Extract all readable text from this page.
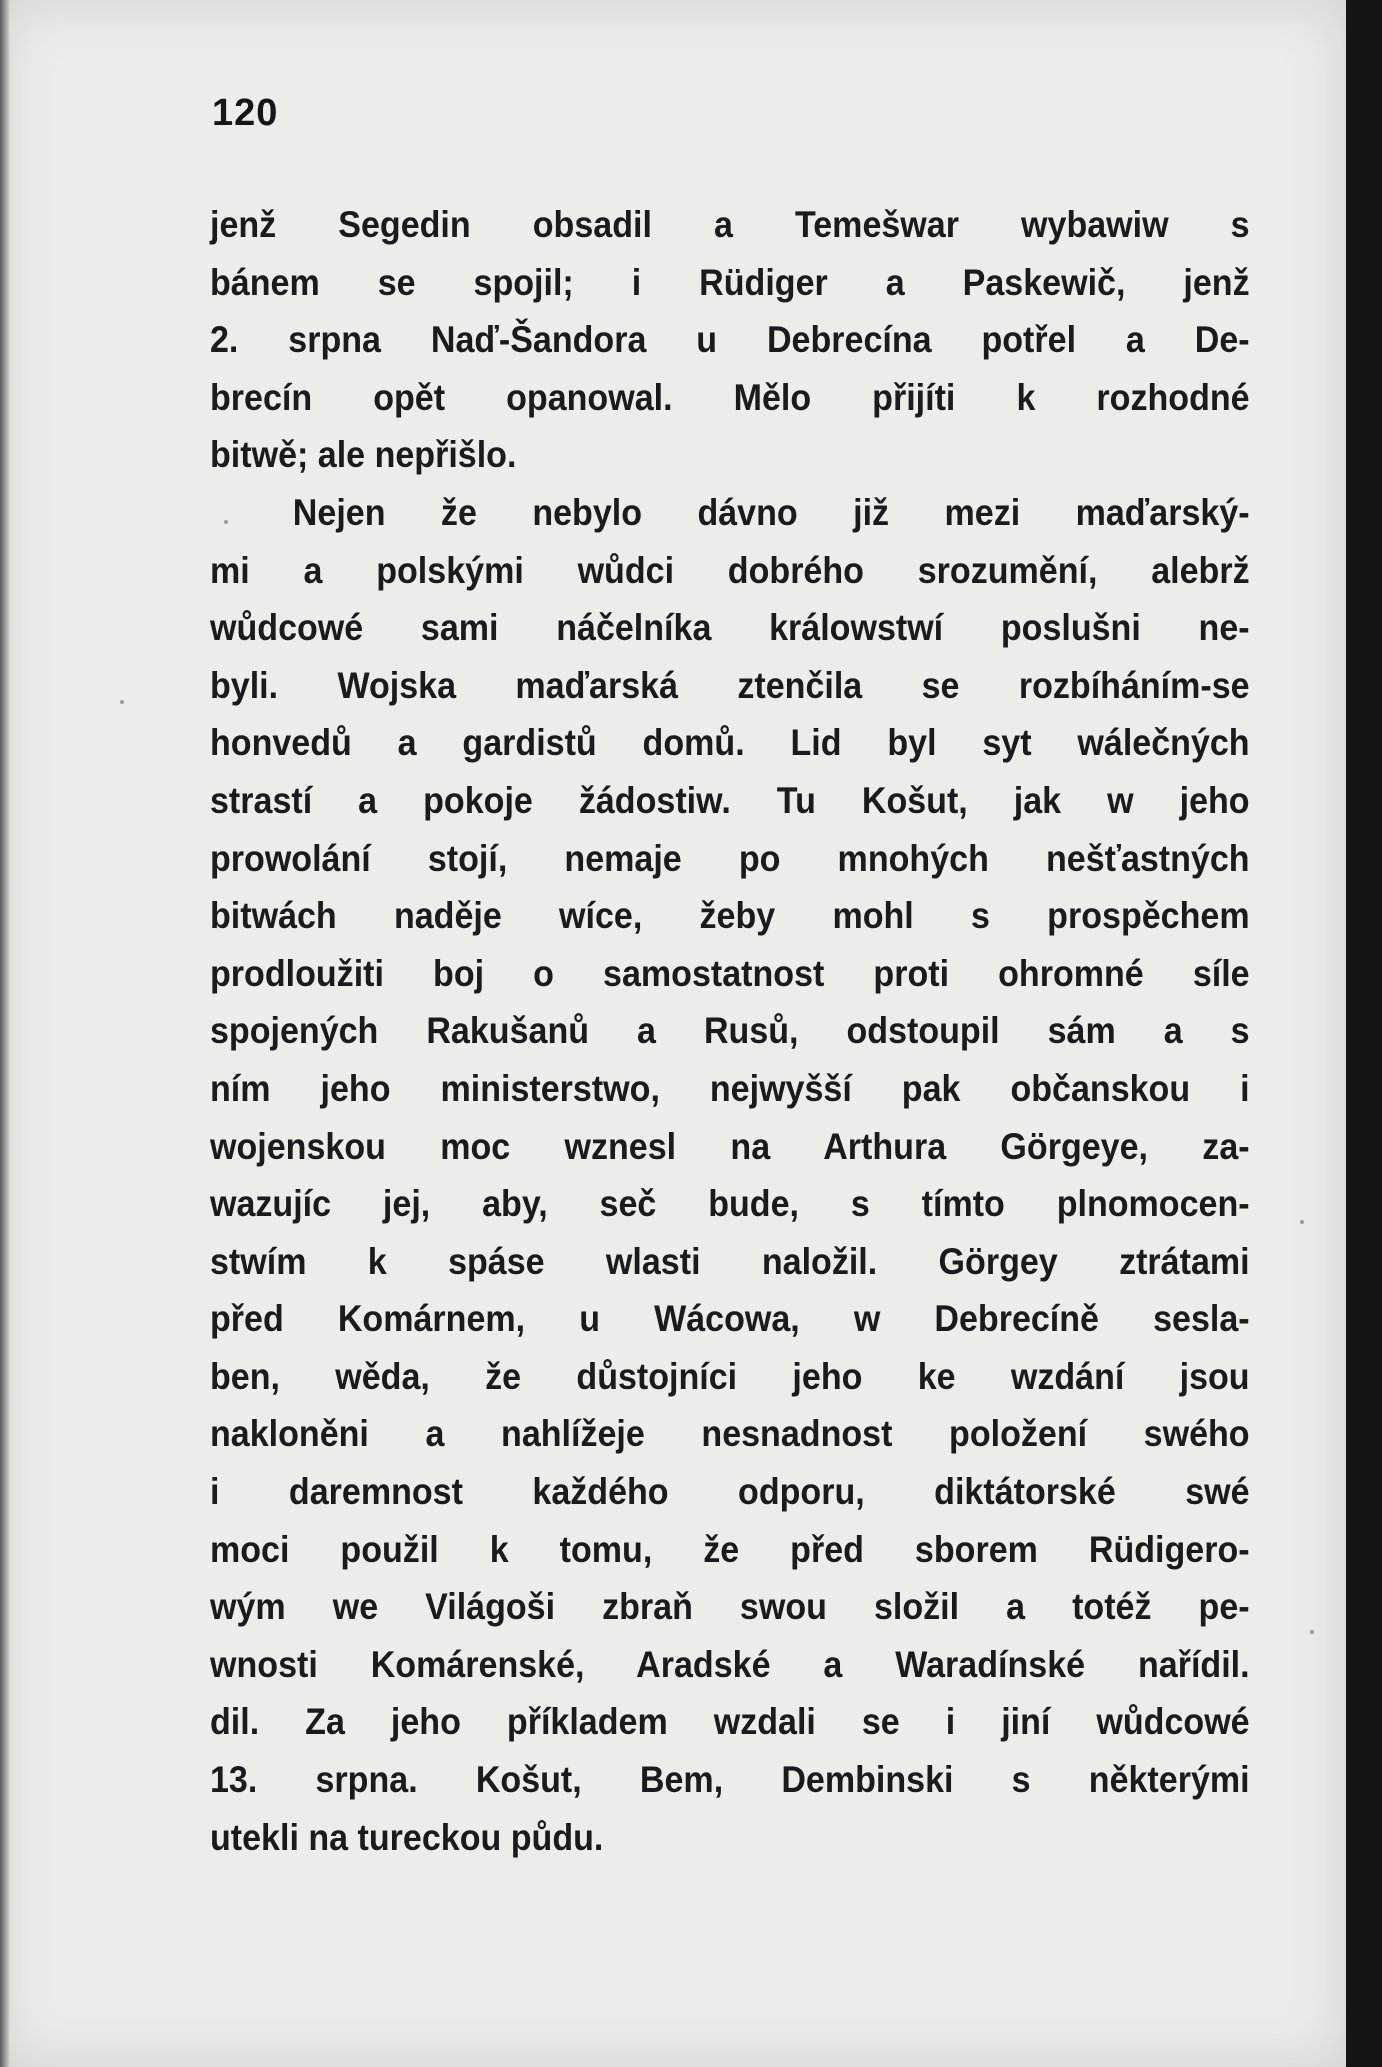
120
jenž Segedin obsadil a Temešwar wybawiw s
bánem se spojil; i Rüdiger a Paskewič, jenž
2. srpna Naď-Šandora u Debrecína potřel a De-
brecín opět opanowal. Mělo přijíti k rozhodné
bitwě; ale nepřišlo.
Nejen že nebylo dávno již mezi maďarský-
mi a polskými wůdci dobrého srozumění, alebrž
wůdcowé sami náčelníka králowstwí poslušni ne-
byli. Wojska maďarská ztenčila se rozbíháním-se
honvedů a gardistů domů. Lid byl syt wálečných
strastí a pokoje žádostiw. Tu Košut, jak w jeho
prowolání stojí, nemaje po mnohých nešťastných
bitwách naděje wíce, žeby mohl s prospěchem
prodloužiti boj o samostatnost proti ohromné síle
spojených Rakušanů a Rusů, odstoupil sám a s
ním jeho ministerstwo, nejwyšší pak občanskou i
wojenskou moc wznesl na Arthura Görgeye, za-
wazujíc jej, aby, seč bude, s tímto plnomocen-
stwím k spáse wlasti naložil. Görgey ztrátami
před Komárnem, u Wácowa, w Debrecíně sesla-
ben, wěda, že důstojníci jeho ke wzdání jsou
nakloněni a nahlížeje nesnadnost položení swého
i daremnost každého odporu, diktátorské swé
moci použil k tomu, že před sborem Rüdigero-
wým we Világoši zbraň swou složil a totéž pe-
wnosti Komárenské, Aradské a Waradínské nařídil.
dil. Za jeho příkladem wzdali se i jiní wůdcowé
13. srpna. Košut, Bem, Dembinski s některými
utekli na tureckou půdu.
